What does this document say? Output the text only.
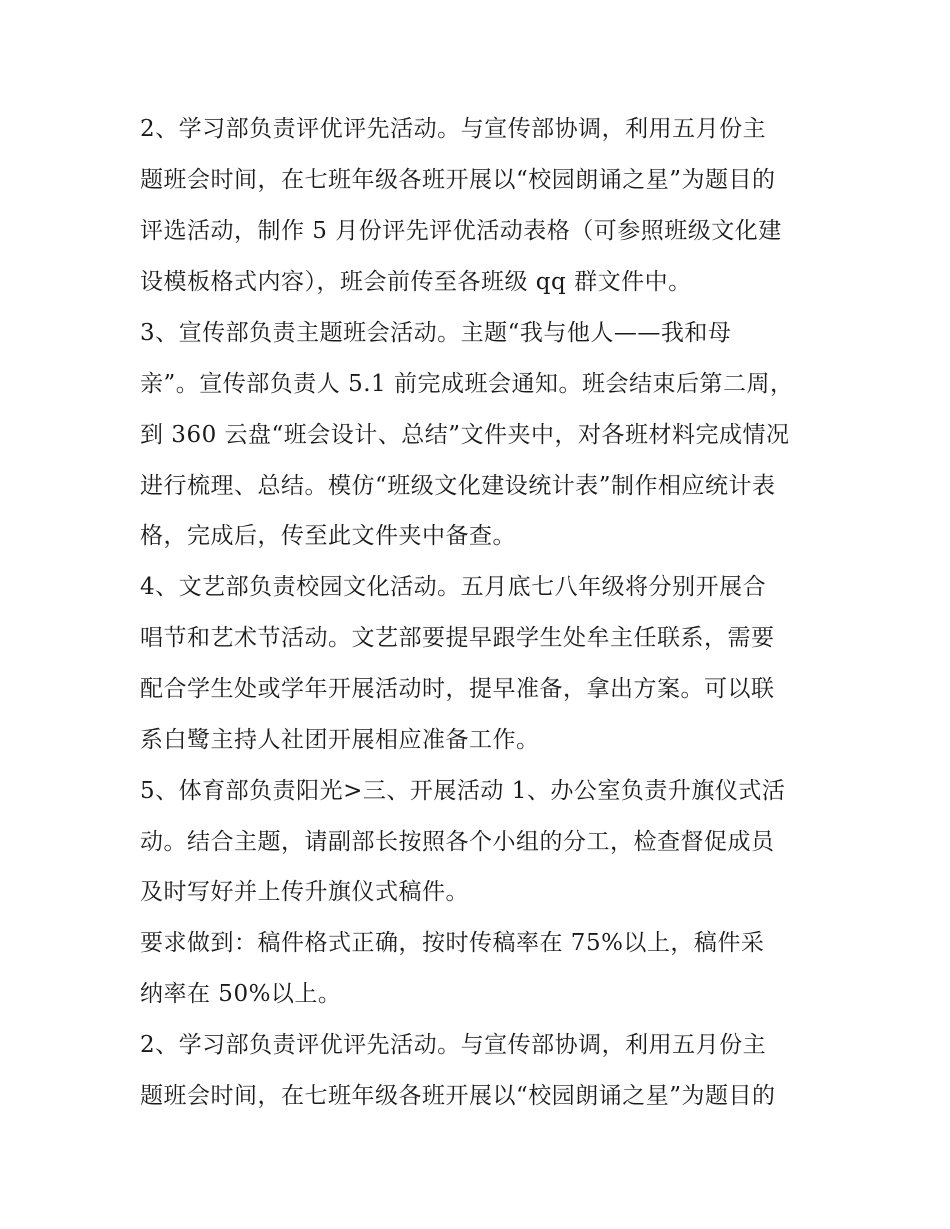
2、学习部负责评优评先活动。与宣传部协调，利用五月份主
题班会时间，在七班年级各班开展以“校园朗诵之星”为题目的
评选活动，制作 5 月份评先评优活动表格（可参照班级文化建
设模板格式内容），班会前传至各班级 qq 群文件中。
3、宣传部负责主题班会活动。主题“我与他人——我和母
亲”。宣传部负责人 5.1 前完成班会通知。班会结束后第二周，
到 360 云盘“班会设计、总结”文件夹中，对各班材料完成情况
进行梳理、总结。模仿“班级文化建设统计表”制作相应统计表
格，完成后，传至此文件夹中备查。
4、文艺部负责校园文化活动。五月底七八年级将分别开展合
唱节和艺术节活动。文艺部要提早跟学生处牟主任联系，需要
配合学生处或学年开展活动时，提早准备，拿出方案。可以联
系白鹭主持人社团开展相应准备工作。
5、体育部负责阳光>三、开展活动 1、办公室负责升旗仪式活
动。结合主题，请副部长按照各个小组的分工，检查督促成员
及时写好并上传升旗仪式稿件。
要求做到：稿件格式正确，按时传稿率在 75%以上，稿件采
纳率在 50%以上。
2、学习部负责评优评先活动。与宣传部协调，利用五月份主
题班会时间，在七班年级各班开展以“校园朗诵之星”为题目的
